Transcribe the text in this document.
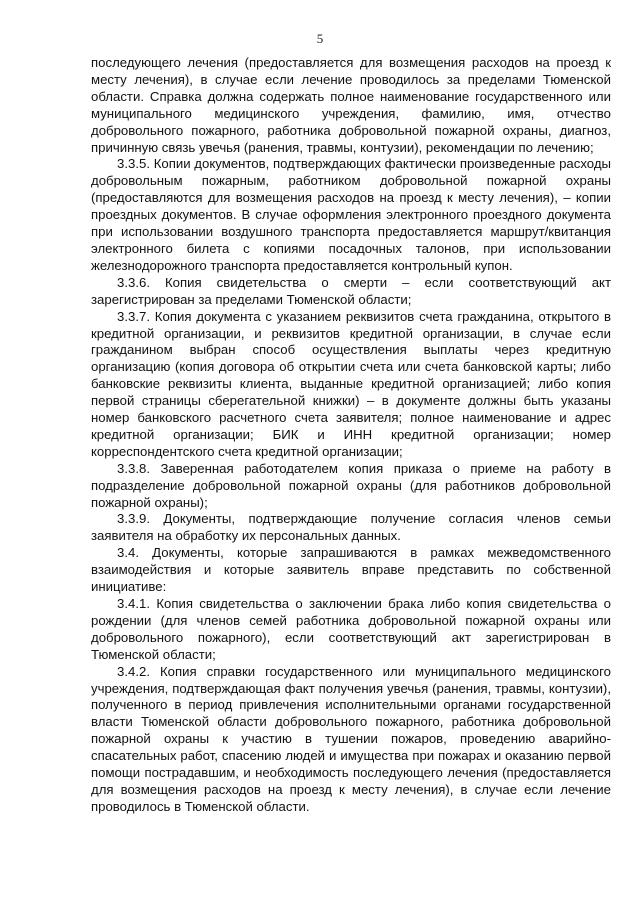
5

последующего лечения (предоставляется для возмещения расходов на проезд к месту лечения), в случае если лечение проводилось за пределами Тюменской области. Справка должна содержать полное наименование государственного или муниципального медицинского учреждения, фамилию, имя, отчество добровольного пожарного, работника добровольной пожарной охраны, диагноз, причинную связь увечья (ранения, травмы, контузии), рекомендации по лечению;

3.3.5. Копии документов, подтверждающих фактически произведенные расходы добровольным пожарным, работником добровольной пожарной охраны (предоставляются для возмещения расходов на проезд к месту лечения), – копии проездных документов. В случае оформления электронного проездного документа при использовании воздушного транспорта предоставляется маршрут/квитанция электронного билета с копиями посадочных талонов, при использовании железнодорожного транспорта предоставляется контрольный купон.

3.3.6. Копия свидетельства о смерти – если соответствующий акт зарегистрирован за пределами Тюменской области;

3.3.7. Копия документа с указанием реквизитов счета гражданина, открытого в кредитной организации, и реквизитов кредитной организации, в случае если гражданином выбран способ осуществления выплаты через кредитную организацию (копия договора об открытии счета или счета банковской карты; либо банковские реквизиты клиента, выданные кредитной организацией; либо копия первой страницы сберегательной книжки) – в документе должны быть указаны номер банковского расчетного счета заявителя; полное наименование и адрес кредитной организации; БИК и ИНН кредитной организации; номер корреспондентского счета кредитной организации;

3.3.8. Заверенная работодателем копия приказа о приеме на работу в подразделение добровольной пожарной охраны (для работников добровольной пожарной охраны);

3.3.9. Документы, подтверждающие получение согласия членов семьи заявителя на обработку их персональных данных.

3.4. Документы, которые запрашиваются в рамках межведомственного взаимодействия и которые заявитель вправе представить по собственной инициативе:

3.4.1. Копия свидетельства о заключении брака либо копия свидетельства о рождении (для членов семей работника добровольной пожарной охраны или добровольного пожарного), если соответствующий акт зарегистрирован в Тюменской области;

3.4.2. Копия справки государственного или муниципального медицинского учреждения, подтверждающая факт получения увечья (ранения, травмы, контузии), полученного в период привлечения исполнительными органами государственной власти Тюменской области добровольного пожарного, работника добровольной пожарной охраны к участию в тушении пожаров, проведению аварийно-спасательных работ, спасению людей и имущества при пожарах и оказанию первой помощи пострадавшим, и необходимость последующего лечения (предоставляется для возмещения расходов на проезд к месту лечения), в случае если лечение проводилось в Тюменской области.
